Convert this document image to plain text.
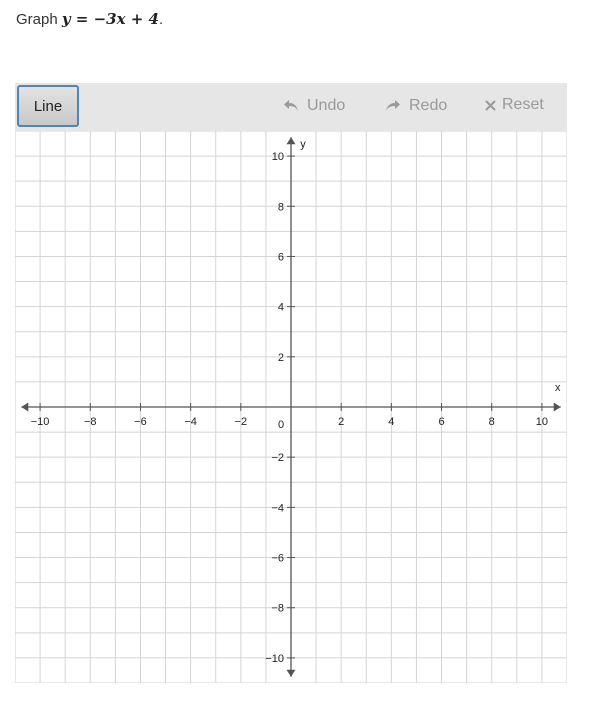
Graph y = −3x + 4.
Line	Undo	Redo	Reset
−10	−8	−6	−4	−2	2	4	6	8	10
10
8
6
4
2
−2
−4
−6
−8
−10
0
x
y
